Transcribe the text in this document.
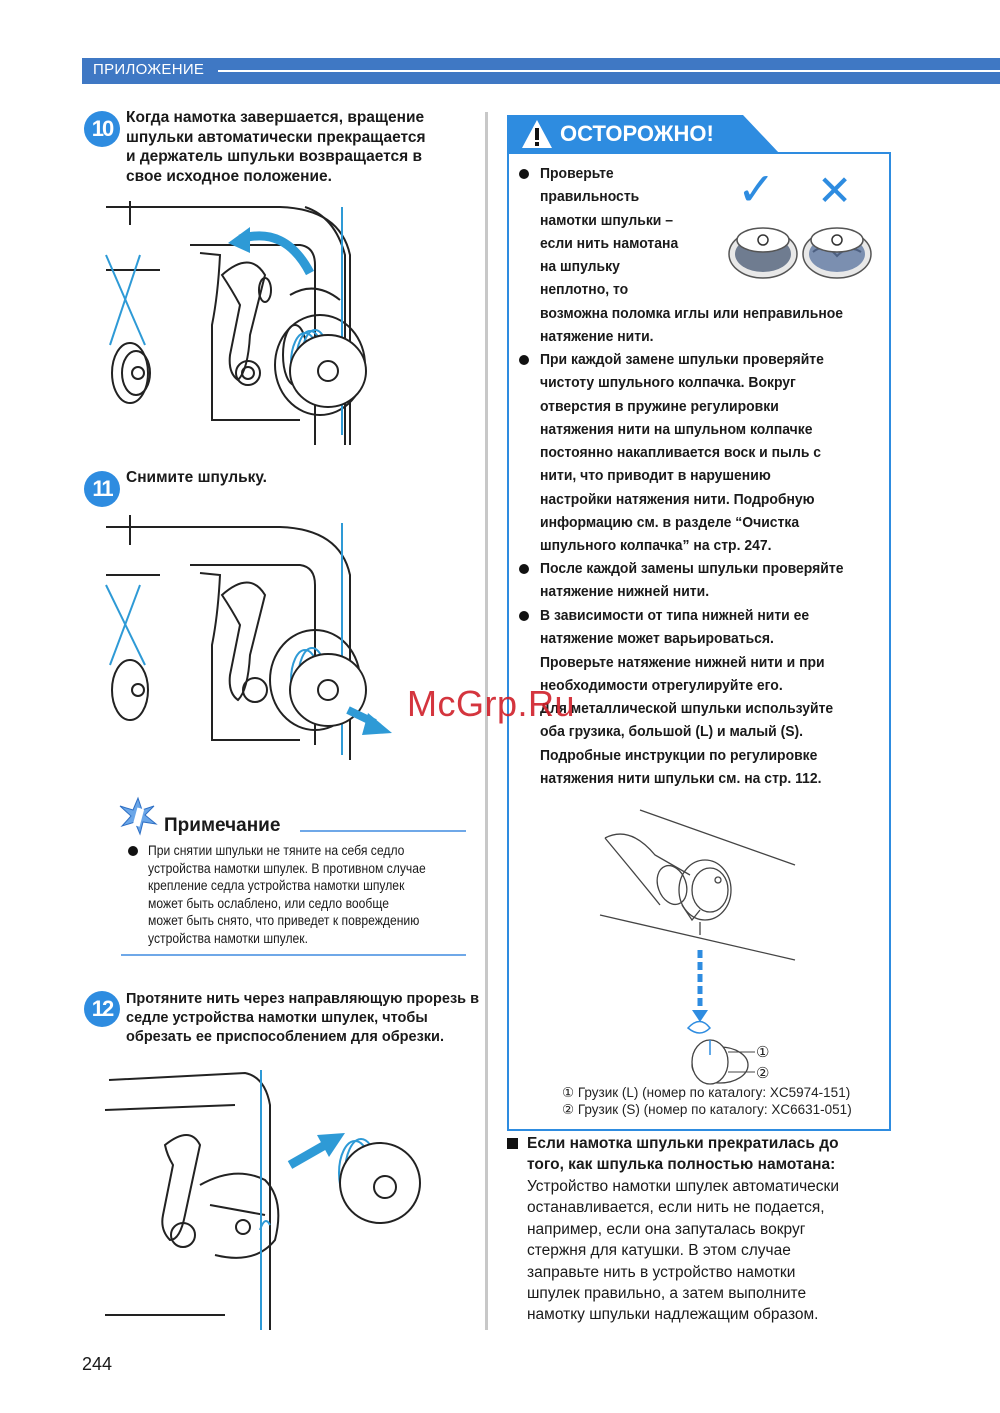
ПРИЛОЖЕНИЕ
10 Когда намотка завершается, вращение
шпульки автоматически прекращается
и держатель шпульки возвращается в
свое исходное положение.
11 Снимите шпульку.
Примечание
При снятии шпульки не тяните на себя седло
устройства намотки шпулек. В противном случае
крепление седла устройства намотки шпулек
может быть ослаблено, или седло вообще
может быть снято, что приведет к повреждению
устройства намотки шпулек.
12 Протяните нить через направляющую прорезь в
седле устройства намотки шпулек, чтобы
обрезать ее приспособлением для обрезки.
ОСТОРОЖНО!
Проверьте
правильность
намотки шпульки –
если нить намотана
на шпульку
неплотно, то
возможна поломка иглы или неправильное
натяжение нити.
✓ ✕
При каждой замене шпульки проверяйте
чистоту шпульного колпачка. Вокруг
отверстия в пружине регулировки
натяжения нити на шпульном колпачке
постоянно накапливается воск и пыль с
нити, что приводит в нарушению
настройки натяжения нити. Подробную
информацию см. в разделе “Очистка
шпульного колпачка” на стр. 247.
После каждой замены шпульки проверяйте
натяжение нижней нити.
В зависимости от типа нижней нити ее
натяжение может варьироваться.
Проверьте натяжение нижней нити и при
необходимости отрегулируйте его.
Для металлической шпульки используйте
оба грузика, большой (L) и малый (S).
Подробные инструкции по регулировке
натяжения нити шпульки см. на стр. 112.
①
②
① Грузик (L) (номер по каталогу: XC5974-151)
② Грузик (S) (номер по каталогу: XC6631-051)
Если намотка шпульки прекратилась до
того, как шпулька полностью намотана:
Устройство намотки шпулек автоматически
останавливается, если нить не подается,
например, если она запуталась вокруг
стержня для катушки. В этом случае
заправьте нить в устройство намотки
шпулек правильно, а затем выполните
намотку шпульки надлежащим образом.
McGrp.Ru
244
